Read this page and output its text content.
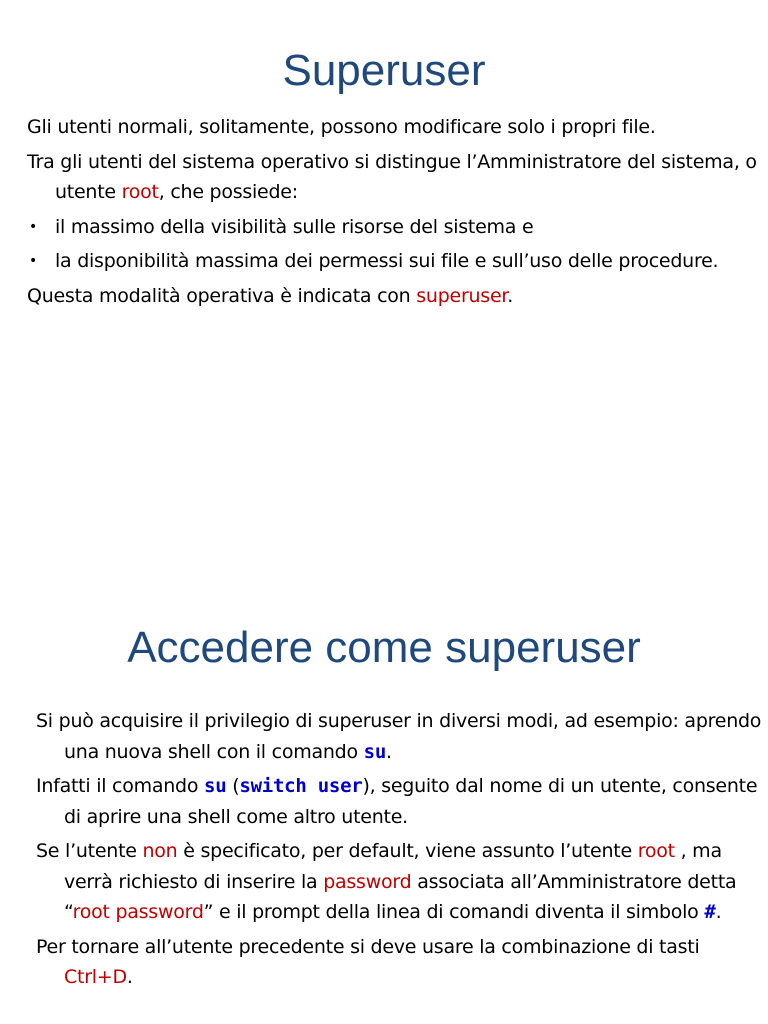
Superuser

Gli utenti normali, solitamente, possono modificare solo i propri file.

Tra gli utenti del sistema operativo si distingue l’Amministratore del sistema, o utente root, che possiede:

• il massimo della visibilità sulle risorse del sistema e

• la disponibilità massima dei permessi sui file e sull’uso delle procedure.

Questa modalità operativa è indicata con superuser.

Accedere come superuser

Si può acquisire il privilegio di superuser in diversi modi, ad esempio: aprendo una nuova shell con il comando su.

Infatti il comando su (switch user), seguito dal nome di un utente, consente di aprire una shell come altro utente.

Se l’utente non è specificato, per default, viene assunto l’utente root , ma verrà richiesto di inserire la password associata all’Amministratore detta “root password” e il prompt della linea di comandi diventa il simbolo #.

Per tornare all’utente precedente si deve usare la combinazione di tasti Ctrl+D.
